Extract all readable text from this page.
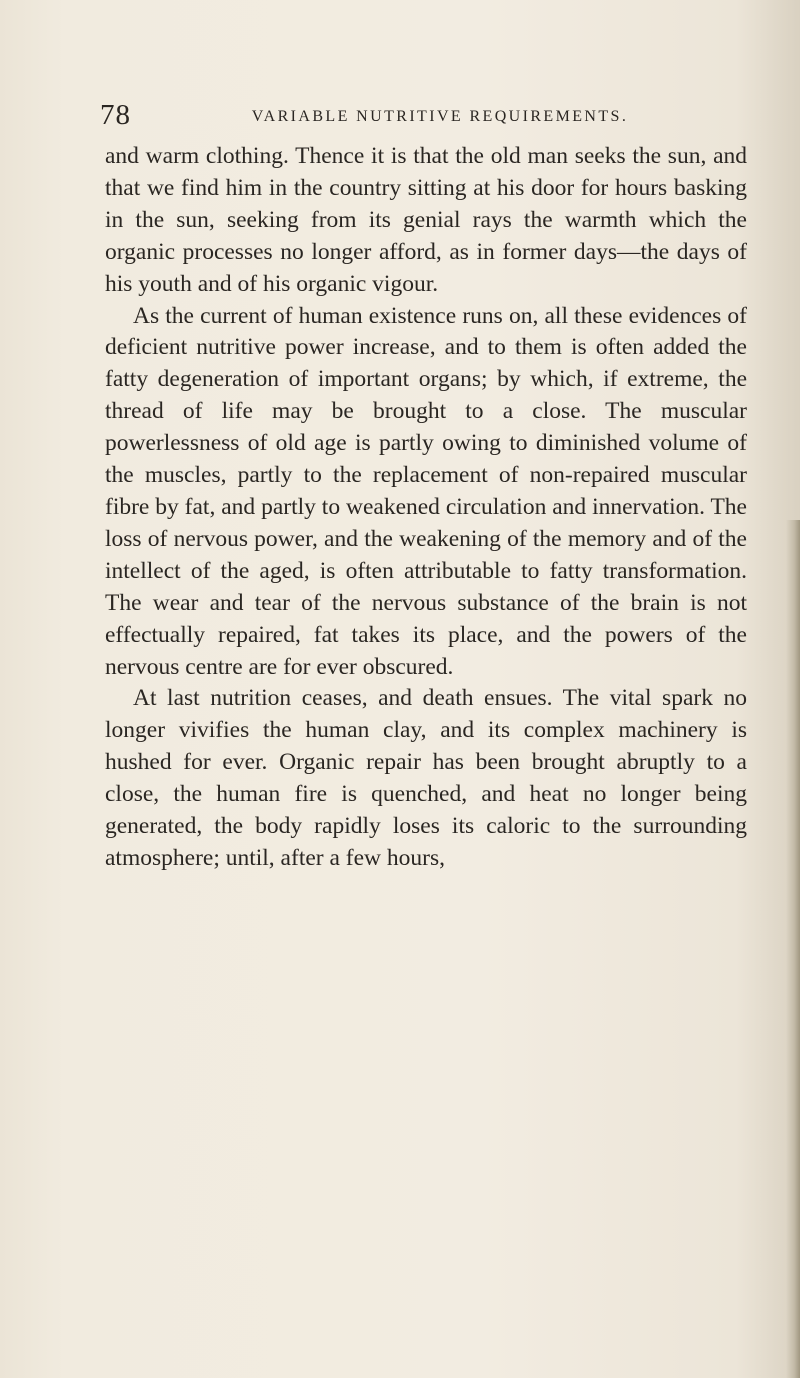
78	VARIABLE NUTRITIVE REQUIREMENTS.

and warm clothing. Thence it is that the old man seeks the sun, and that we find him in the country sitting at his door for hours basking in the sun, seeking from its genial rays the warmth which the organic processes no longer afford, as in former days—the days of his youth and of his organic vigour.

As the current of human existence runs on, all these evidences of deficient nutritive power increase, and to them is often added the fatty degeneration of important organs; by which, if extreme, the thread of life may be brought to a close. The muscular powerlessness of old age is partly owing to diminished volume of the muscles, partly to the replacement of non-repaired muscular fibre by fat, and partly to weakened circulation and innervation. The loss of nervous power, and the weakening of the memory and of the intellect of the aged, is often attributable to fatty transformation. The wear and tear of the nervous substance of the brain is not effectually repaired, fat takes its place, and the powers of the nervous centre are for ever obscured.

At last nutrition ceases, and death ensues. The vital spark no longer vivifies the human clay, and its complex machinery is hushed for ever. Organic repair has been brought abruptly to a close, the human fire is quenched, and heat no longer being generated, the body rapidly loses its caloric to the surrounding atmosphere; until, after a few hours,
